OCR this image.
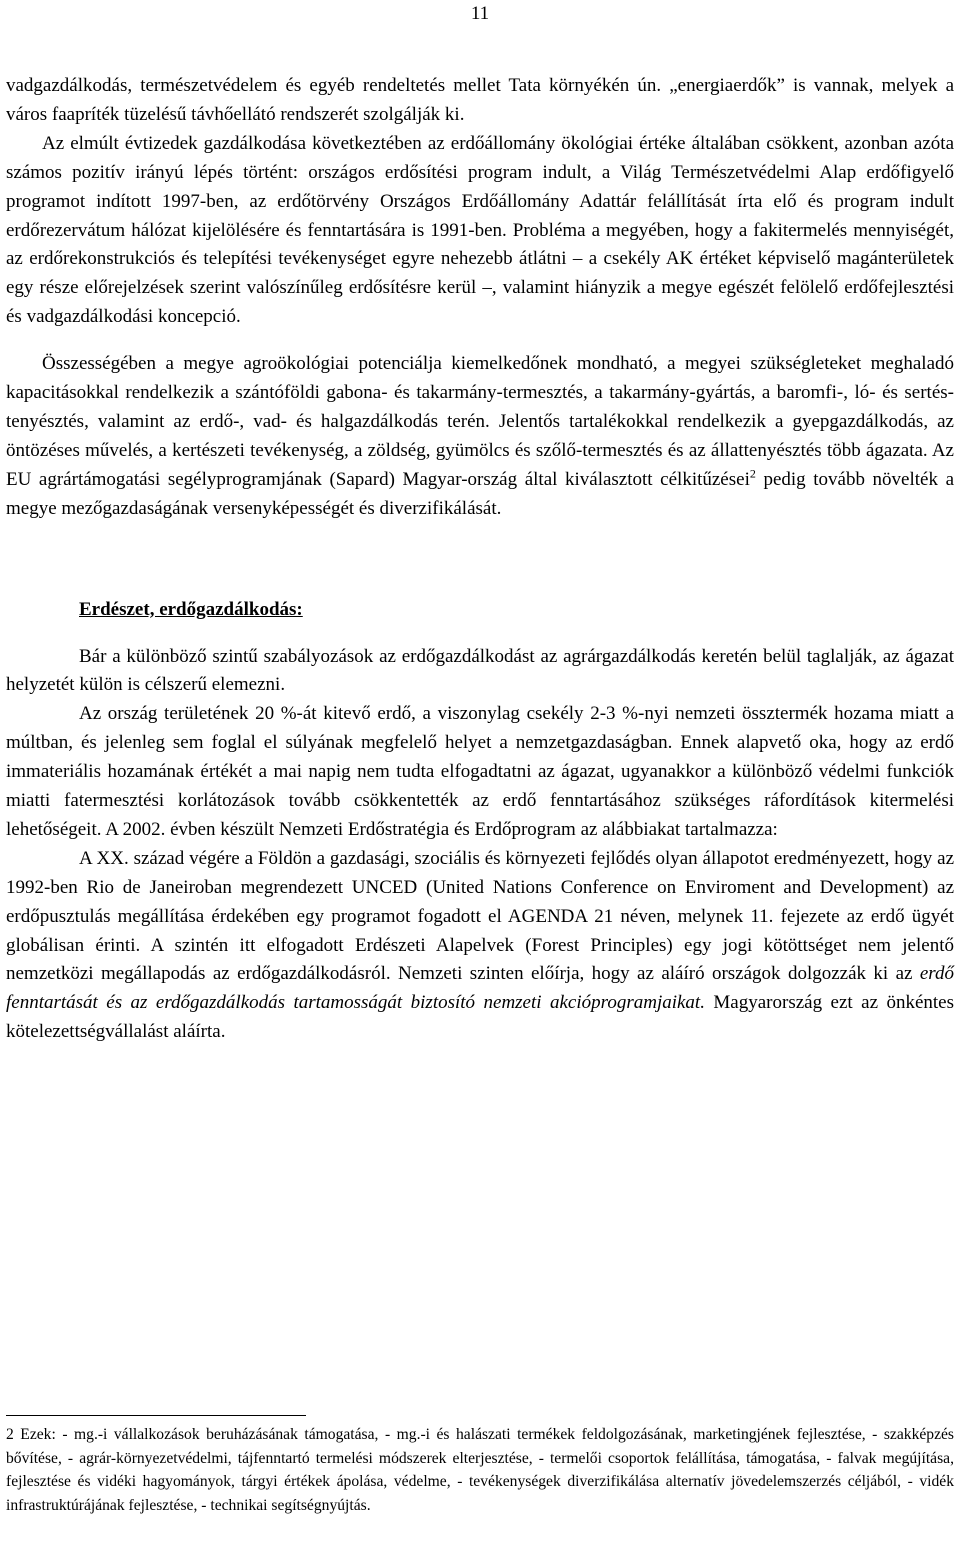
11

vadgazdálkodás, természetvédelem és egyéb rendeltetés mellet Tata környékén ún. „energiaerdők” is vannak, melyek a város faapríték tüzelésű távhőellátó rendszerét szolgálják ki.

Az elmúlt évtizedek gazdálkodása következtében az erdőállomány ökológiai értéke általában csökkent, azonban azóta számos pozitív irányú lépés történt: országos erdősítési program indult, a Világ Természetvédelmi Alap erdőfigyelő programot indított 1997-ben, az erdőtörvény Országos Erdőállomány Adattár felállítását írta elő és program indult erdőrezervátum hálózat kijelölésére és fenntartására is 1991-ben. Probléma a megyében, hogy a fakitermelés mennyiségét, az erdőrekonstrukciós és telepítési tevékenységet egyre nehezebb átlátni – a csekély AK értéket képviselő magánterületek egy része előrejelzések szerint valószínűleg erdősítésre kerül –, valamint hiányzik a megye egészét felölelő erdőfejlesztési és vadgazdálkodási koncepció.

Összességében a megye agroökológiai potenciálja kiemelkedőnek mondható, a megyei szükségleteket meghaladó kapacitásokkal rendelkezik a szántóföldi gabona- és takarmány-termesztés, a takarmány-gyártás, a baromfi-, ló- és sertés-tenyésztés, valamint az erdő-, vad- és halgazdálkodás terén. Jelentős tartalékokkal rendelkezik a gyepgazdálkodás, az öntözéses művelés, a kertészeti tevékenység, a zöldség, gyümölcs és szőlő-termesztés és az állattenyésztés több ágazata. Az EU agrártámogatási segélyprogramjának (Sapard) Magyar-ország által kiválasztott célkitűzései$^2$ pedig tovább növelték a megye mezőgazdaságának versenyképességét és diverzifikálását.

Erdészet, erdőgazdálkodás:

Bár a különböző szintű szabályozások az erdőgazdálkodást az agrárgazdálkodás keretén belül taglalják, az ágazat helyzetét külön is célszerű elemezni.

Az ország területének 20 %-át kitevő erdő, a viszonylag csekély 2-3 %-nyi nemzeti össztermék hozama miatt a múltban, és jelenleg sem foglal el súlyának megfelelő helyet a nemzetgazdaságban. Ennek alapvető oka, hogy az erdő immateriális hozamának értékét a mai napig nem tudta elfogadtatni az ágazat, ugyanakkor a különböző védelmi funkciók miatti fatermesztési korlátozások tovább csökkentették az erdő fenntartásához szükséges ráfordítások kitermelési lehetőségeit. A 2002. évben készült Nemzeti Erdőstratégia és Erdőprogram az alábbiakat tartalmazza:

A XX. század végére a Földön a gazdasági, szociális és környezeti fejlődés olyan állapotot eredményezett, hogy az 1992-ben Rio de Janeiroban megrendezett UNCED (United Nations Conference on Enviroment and Development) az erdőpusztulás megállítása érdekében egy programot fogadott el AGENDA 21 néven, melynek 11. fejezete az erdő ügyét globálisan érinti. A szintén itt elfogadott Erdészeti Alapelvek (Forest Principles) egy jogi kötöttséget nem jelentő nemzetközi megállapodás az erdőgazdálkodásról. Nemzeti szinten előírja, hogy az aláíró országok dolgozzák ki az erdő fenntartását és az erdőgazdálkodás tartamosságát biztosító nemzeti akcióprogramjaikat. Magyarország ezt az önkéntes kötelezettségvállalást aláírta.

2 Ezek: - mg.-i vállalkozások beruházásának támogatása, - mg.-i és halászati termékek feldolgozásának, marketingjének fejlesztése, - szakképzés bővítése, - agrár-környezetvédelmi, tájfenntartó termelési módszerek elterjesztése, - termelői csoportok felállítása, támogatása, - falvak megújítása, fejlesztése és vidéki hagyományok, tárgyi értékek ápolása, védelme, - tevékenységek diverzifikálása alternatív jövedelemszerzés céljából, - vidék infrastruktúrájának fejlesztése, - technikai segítségnyújtás.
